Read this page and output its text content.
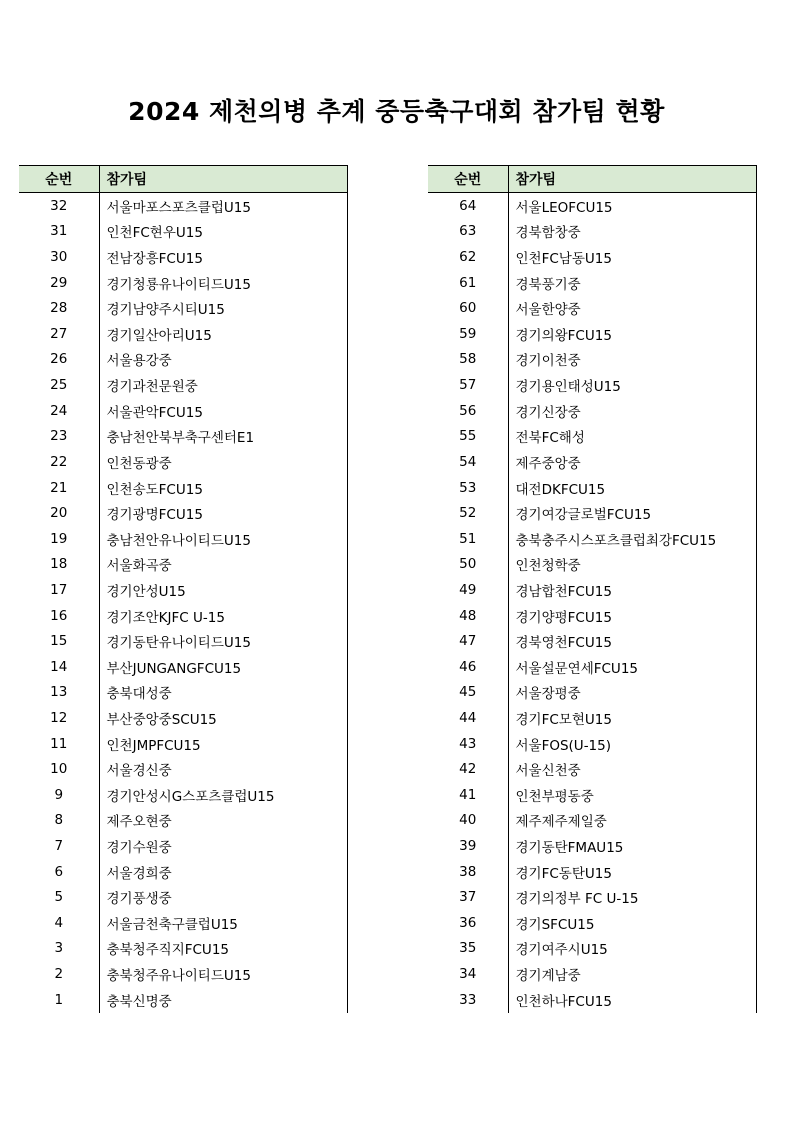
2024 제천의병 추계 중등축구대회 참가팀 현황
순번	참가팀
32	서울마포스포츠클럽U15
31	인천FC현우U15
30	전남장흥FCU15
29	경기청룡유나이티드U15
28	경기남양주시티U15
27	경기일산아리U15
26	서울용강중
25	경기과천문원중
24	서울관악FCU15
23	충남천안북부축구센터E1
22	인천동광중
21	인천송도FCU15
20	경기광명FCU15
19	충남천안유나이티드U15
18	서울화곡중
17	경기안성U15
16	경기조안KJFC U-15
15	경기동탄유나이티드U15
14	부산JUNGANGFCU15
13	충북대성중
12	부산중앙중SCU15
11	인천JMPFCU15
10	서울경신중
9	경기안성시G스포츠클럽U15
8	제주오현중
7	경기수원중
6	서울경희중
5	경기풍생중
4	서울금천축구클럽U15
3	충북청주직지FCU15
2	충북청주유나이티드U15
1	충북신명중
순번	참가팀
64	서울LEOFCU15
63	경북함창중
62	인천FC남동U15
61	경북풍기중
60	서울한양중
59	경기의왕FCU15
58	경기이천중
57	경기용인태성U15
56	경기신장중
55	전북FC해성
54	제주중앙중
53	대전DKFCU15
52	경기여강글로벌FCU15
51	충북충주시스포츠클럽최강FCU15
50	인천청학중
49	경남합천FCU15
48	경기양평FCU15
47	경북영천FCU15
46	서울설문연세FCU15
45	서울장평중
44	경기FC모현U15
43	서울FOS(U-15)
42	서울신천중
41	인천부평동중
40	제주제주제일중
39	경기동탄FMAU15
38	경기FC동탄U15
37	경기의정부 FC U-15
36	경기SFCU15
35	경기여주시U15
34	경기계남중
33	인천하나FCU15
